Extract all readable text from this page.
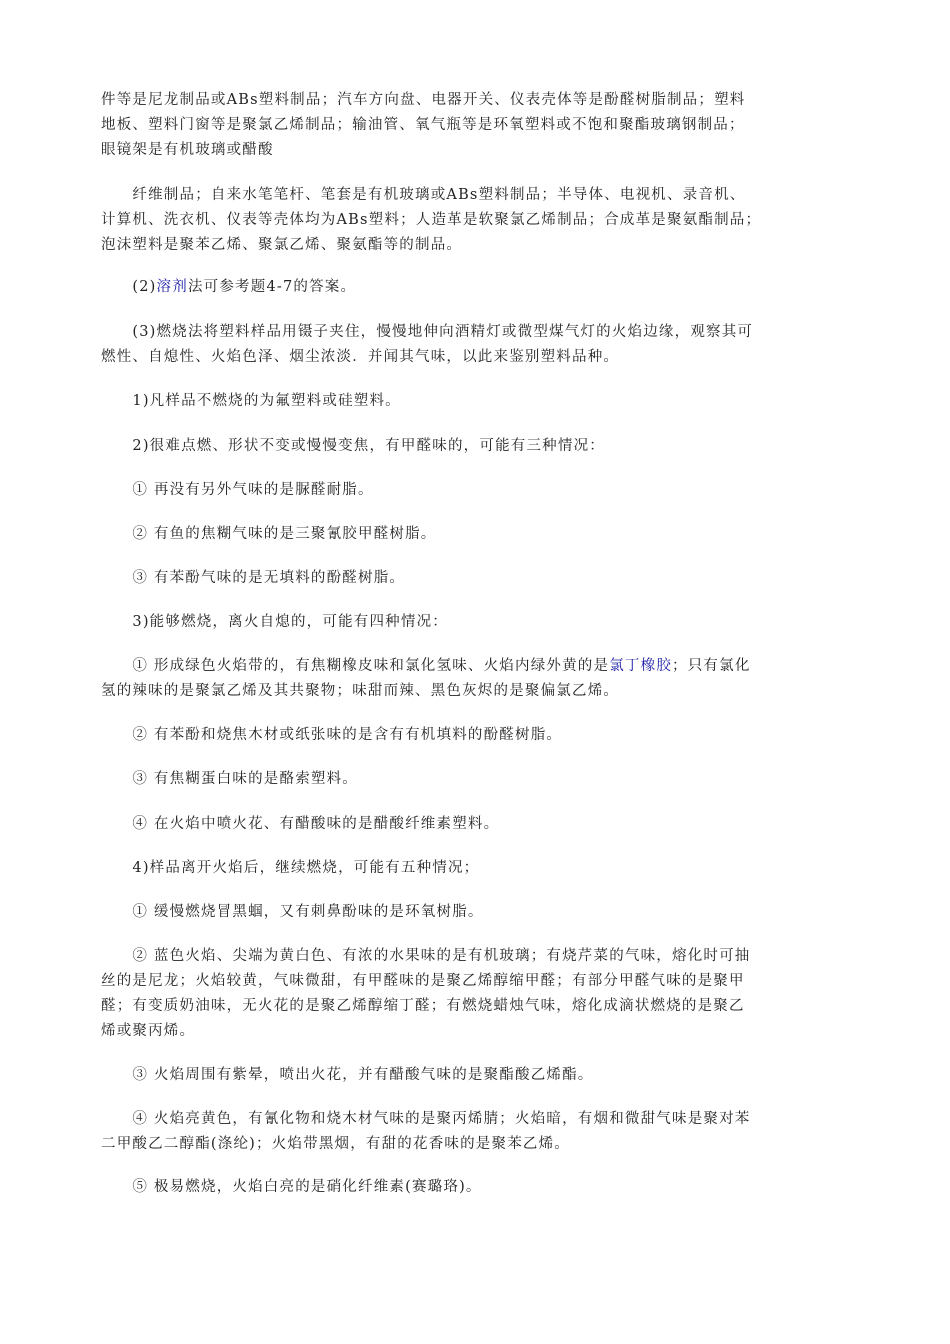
件等是尼龙制品或ABs塑料制品；汽车方向盘、电器开关、仪表壳体等是酚醛树脂制品；塑料
地板、塑料门窗等是聚氯乙烯制品；输油管、氧气瓶等是环氧塑料或不饱和聚酯玻璃钢制品；
眼镜架是有机玻璃或醋酸

　　纤维制品；自来水笔笔杆、笔套是有机玻璃或ABs塑料制品；半导体、电视机、录音机、
计算机、洗衣机、仪表等壳体均为ABs塑料；人造革是软聚氯乙烯制品；合成革是聚氨酯制品；
泡沫塑料是聚苯乙烯、聚氯乙烯、聚氨酯等的制品。

　　(2)溶剂法可参考题4-7的答案。

　　(3)燃烧法将塑料样品用镊子夹住，慢慢地伸向酒精灯或微型煤气灯的火焰边缘，观察其可
燃性、自熄性、火焰色泽、烟尘浓淡．并闻其气味，以此来鉴别塑料品种。

　　1)凡样品不燃烧的为氟塑料或硅塑料。

　　2)很难点燃、形状不变或慢慢变焦，有甲醛味的，可能有三种情况：

　　① 再没有另外气味的是脲醛耐脂。

　　② 有鱼的焦糊气味的是三聚氰胶甲醛树脂。

　　③ 有苯酚气味的是无填料的酚醛树脂。

　　3)能够燃烧，离火自熄的，可能有四种情况：

　　① 形成绿色火焰带的，有焦糊橡皮味和氯化氢味、火焰内绿外黄的是氯丁橡胶；只有氯化
氢的辣味的是聚氯乙烯及其共聚物；味甜而辣、黑色灰烬的是聚偏氯乙烯。

　　② 有苯酚和烧焦木材或纸张味的是含有有机填料的酚醛树脂。

　　③ 有焦糊蛋白味的是酪索塑料。

　　④ 在火焰中喷火花、有醋酸味的是醋酸纤维素塑料。

　　4)样品离开火焰后，继续燃烧，可能有五种情况；

　　① 缓慢燃烧冒黑蝈，又有刺鼻酚味的是环氧树脂。

　　② 蓝色火焰、尖端为黄白色、有浓的水果味的是有机玻璃；有烧芹菜的气味，熔化时可抽
丝的是尼龙；火焰较黄，气味微甜，有甲醛味的是聚乙烯醇缩甲醛；有部分甲醛气味的是聚甲
醛；有变质奶油味，无火花的是聚乙烯醇缩丁醛；有燃烧蜡烛气味，熔化成滴状燃烧的是聚乙
烯或聚丙烯。

　　③ 火焰周围有紫晕，喷出火花，并有醋酸气味的是聚酯酸乙烯酯。

　　④ 火焰亮黄色，有氰化物和烧木材气味的是聚丙烯腈；火焰暗，有烟和微甜气味是聚对苯
二甲酸乙二醇酯(涤纶)；火焰带黑烟，有甜的花香味的是聚苯乙烯。

　　⑤ 极易燃烧，火焰白亮的是硝化纤维素(赛璐珞)。
